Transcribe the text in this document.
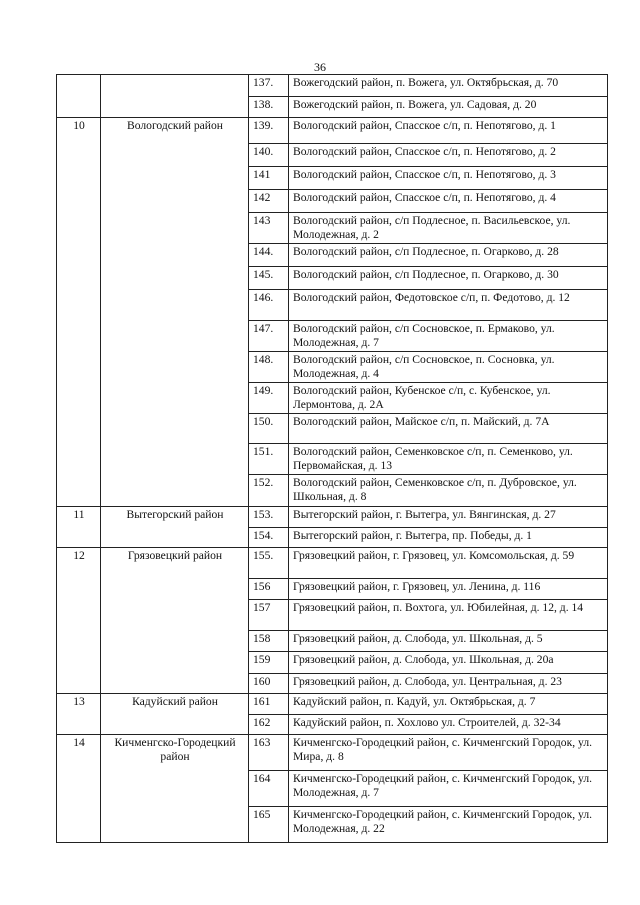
36
		137.	Вожегодский район, п. Вожега, ул. Октябрьская, д. 70
		138.	Вожегодский район, п. Вожега, ул. Садовая, д. 20
10	Вологодский район	139.	Вологодский район, Спасское с/п, п. Непотягово, д. 1
		140.	Вологодский район, Спасское с/п, п. Непотягово, д. 2
		141	Вологодский район, Спасское с/п, п. Непотягово, д. 3
		142	Вологодский район, Спасское с/п, п. Непотягово, д. 4
		143	Вологодский район, с/п Подлесное, п. Васильевское, ул. Молодежная, д. 2
		144.	Вологодский район, с/п Подлесное, п. Огарково, д. 28
		145.	Вологодский район, с/п Подлесное, п. Огарково, д. 30
		146.	Вологодский район, Федотовское с/п, п. Федотово, д. 12
		147.	Вологодский район, с/п Сосновское, п. Ермаково, ул. Молодежная, д. 7
		148.	Вологодский район, с/п Сосновское, п. Сосновка, ул. Молодежная, д. 4
		149.	Вологодский район, Кубенское с/п, с. Кубенское, ул. Лермонтова, д. 2А
		150.	Вологодский район, Майское с/п, п. Майский, д. 7А
		151.	Вологодский район, Семенковское с/п, п. Семенково, ул. Первомайская, д. 13
		152.	Вологодский район, Семенковское с/п, п. Дубровское, ул. Школьная, д. 8
11	Вытегорский район	153.	Вытегорский район, г. Вытегра, ул. Вянгинская, д. 27
		154.	Вытегорский район, г. Вытегра, пр. Победы, д. 1
12	Грязовецкий район	155.	Грязовецкий район, г. Грязовец, ул. Комсомольская, д. 59
		156	Грязовецкий район, г. Грязовец, ул. Ленина, д. 116
		157	Грязовецкий район, п. Вохтога, ул. Юбилейная, д. 12, д. 14
		158	Грязовецкий район, д. Слобода, ул. Школьная, д. 5
		159	Грязовецкий район, д. Слобода, ул. Школьная, д. 20а
		160	Грязовецкий район, д. Слобода, ул. Центральная, д. 23
13	Кадуйский район	161	Кадуйский район, п. Кадуй, ул. Октябрьская, д. 7
		162	Кадуйский район, п. Хохлово ул. Строителей, д. 32-34
14	Кичменгско-Городецкий район	163	Кичменгско-Городецкий район, с. Кичменгский Городок, ул. Мира, д. 8
		164	Кичменгско-Городецкий район, с. Кичменгский Городок, ул. Молодежная, д. 7
		165	Кичменгско-Городецкий район, с. Кичменгский Городок, ул. Молодежная, д. 22
